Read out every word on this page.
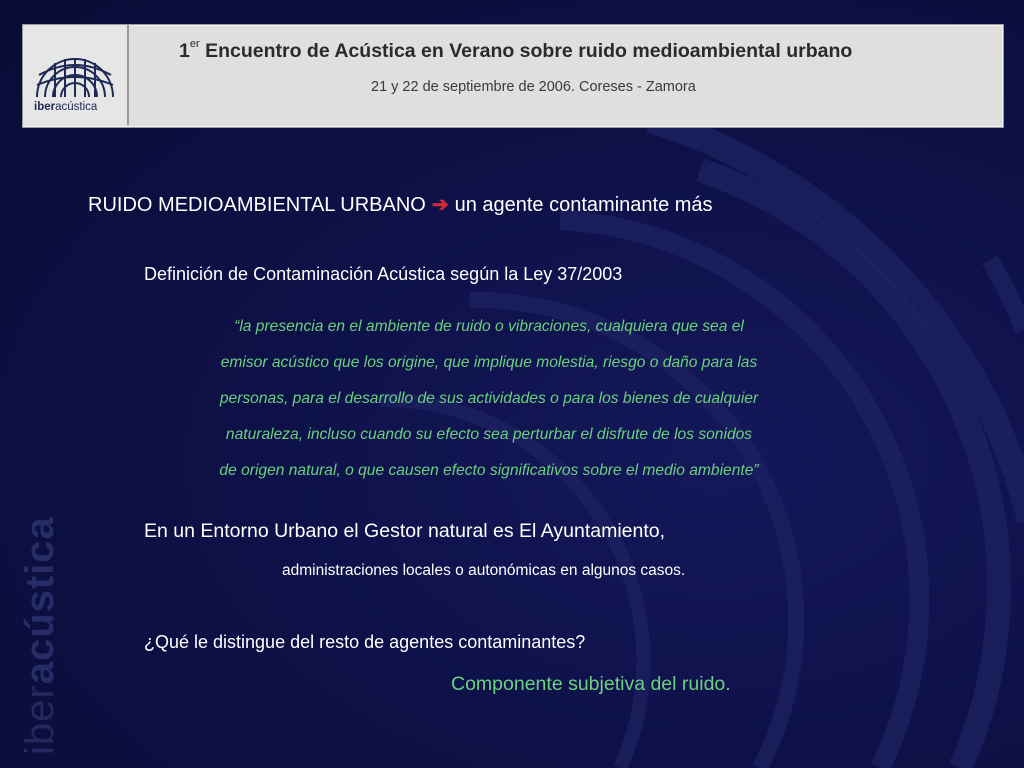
iberacústica
iberacústica
1er Encuentro de Acústica en Verano sobre ruido medioambiental urbano
21 y 22 de septiembre de 2006. Coreses - Zamora
RUIDO MEDIOAMBIENTAL URBANO ➔ un agente contaminante más
Definición de Contaminación Acústica según la Ley 37/2003
“la presencia en el ambiente de ruido o vibraciones, cualquiera que sea el
emisor acústico que los origine, que implique molestia, riesgo o daño para las
personas, para el desarrollo de sus actividades o para los bienes de cualquier
naturaleza, incluso cuando su efecto sea perturbar el disfrute de los sonidos
de origen natural, o que causen efecto significativos sobre el medio ambiente”
En un Entorno Urbano el Gestor natural es El Ayuntamiento,
administraciones locales o autonómicas en algunos casos.
¿Qué le distingue del resto de agentes contaminantes?
Componente subjetiva del ruido.
